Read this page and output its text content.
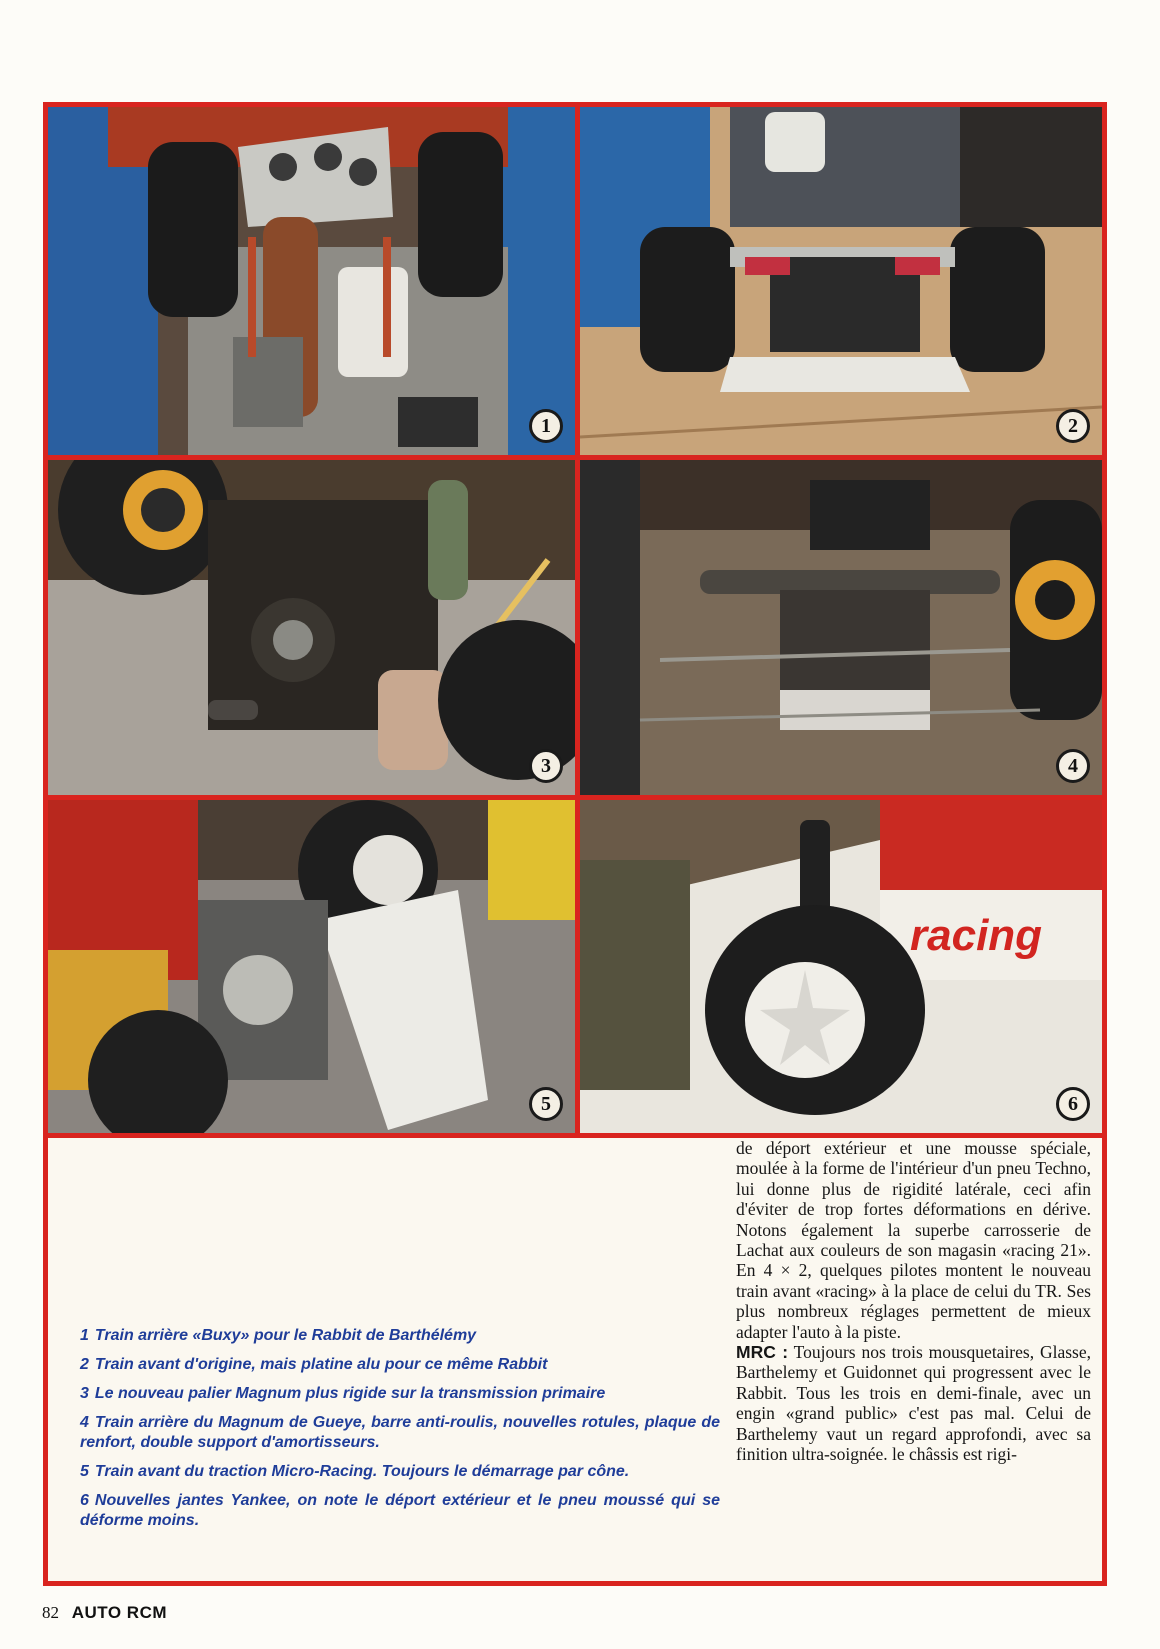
1	2
3	4
5
racing
6

1 Train arrière «Buxy» pour le Rabbit de Barthélémy

2 Train avant d'origine, mais platine alu pour ce même Rabbit

3 Le nouveau palier Magnum plus rigide sur la transmission primaire

4 Train arrière du Magnum de Gueye, barre anti-roulis, nouvelles rotules, plaque de renfort, double support d'amortisseurs.

5 Train avant du traction Micro-Racing. Toujours le démarrage par cône.

6 Nouvelles jantes Yankee, on note le déport extérieur et le pneu moussé qui se déforme moins.

de déport extérieur et une mousse spéciale, moulée à la forme de l'intérieur d'un pneu Techno, lui donne plus de rigidité latérale, ceci afin d'éviter de trop fortes déformations en dérive. Notons également la superbe carrosserie de Lachat aux couleurs de son magasin «racing 21». En 4 × 2, quelques pilotes montent le nouveau train avant «racing» à la place de celui du TR. Ses plus nombreux réglages permettent de mieux adapter l'auto à la piste.

MRC : Toujours nos trois mousquetaires, Glasse, Barthelemy et Guidonnet qui progressent avec le Rabbit. Tous les trois en demi-finale, avec un engin «grand public» c'est pas mal. Celui de Barthelemy vaut un regard approfondi, avec sa finition ultra-soignée. le châssis est rigi-

82 AUTO RCM
